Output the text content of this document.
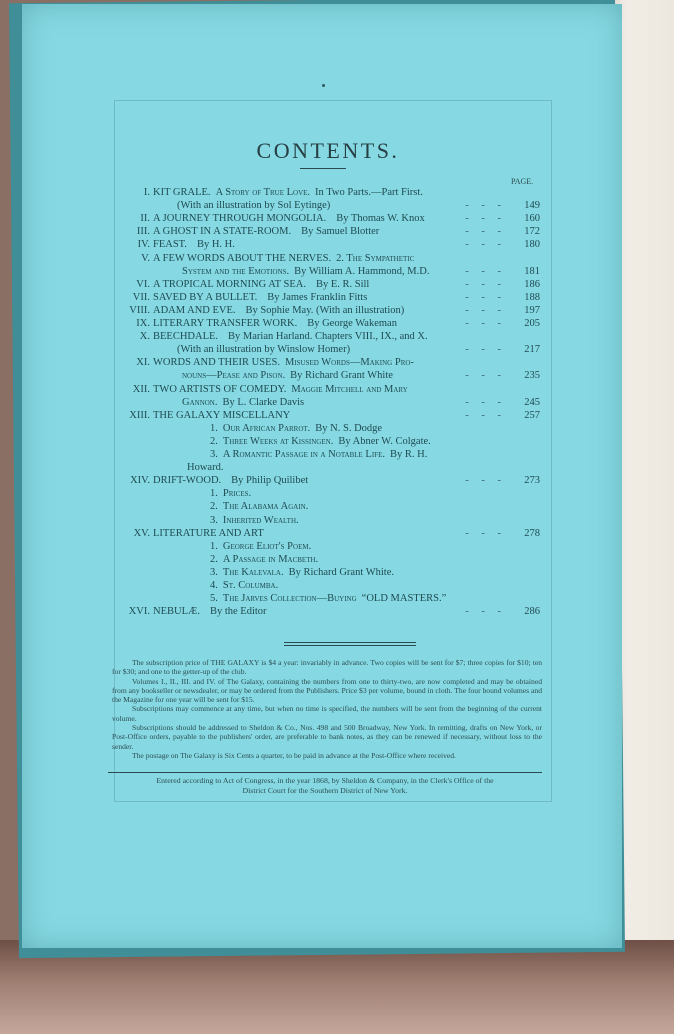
CONTENTS.
PAGE.
I. KIT GRALE. A Story of True Love. In Two Parts.—Part First.
(With an illustration by Sol Eytinge)	- - -	149
II. A JOURNEY THROUGH MONGOLIA. By Thomas W. Knox	- - -	160
III. A GHOST IN A STATE-ROOM. By Samuel Blotter	- - -	172
IV. FEAST. By H. H.	- - -	180
V. A FEW WORDS ABOUT THE NERVES. 2. The Sympathetic
System and the Emotions. By William A. Hammond, M.D.	- - -	181
VI. A TROPICAL MORNING AT SEA. By E. R. Sill	- - -	186
VII. SAVED BY A BULLET. By James Franklin Fitts	- - -	188
VIII. ADAM AND EVE. By Sophie May. (With an illustration)	- - -	197
IX. LITERARY TRANSFER WORK. By George Wakeman	- - -	205
X. BEECHDALE. By Marian Harland. Chapters VIII., IX., and X.
(With an illustration by Winslow Homer)	- - -	217
XI. WORDS AND THEIR USES. Misused Words—Making Pro-
nouns—Pease and Pison. By Richard Grant White	- - -	235
XII. TWO ARTISTS OF COMEDY. Maggie Mitchell and Mary
Gannon. By L. Clarke Davis	- - -	245
XIII. THE GALAXY MISCELLANY	- - -	257
1. Our African Parrot. By N. S. Dodge
2. Three Weeks at Kissingen. By Abner W. Colgate.
3. A Romantic Passage in a Notable Life. By R. H.
Howard.
XIV. DRIFT-WOOD. By Philip Quilibet	- - -	273
1. Prices.
2. The Alabama Again.
3. Inherited Wealth.
XV. LITERATURE AND ART	- - -	278
1. George Eliot's Poem.
2. A Passage in Macbeth.
3. The Kalevala. By Richard Grant White.
4. St. Columba.
5. The Jarves Collection—Buying “OLD MASTERS.”
XVI. NEBULÆ. By the Editor	- - -	286

The subscription price of THE GALAXY is $4 a year: invariably in advance. Two copies will be sent for $7; three copies for $10; ten for $30; and one to the getter-up of the club.

Volumes I., II., III. and IV. of The Galaxy, containing the numbers from one to thirty-two, are now completed and may be obtained from any bookseller or newsdealer, or may be ordered from the Publishers. Price $3 per volume, bound in cloth. The four bound volumes and the Magazine for one year will be sent for $15.

Subscriptions may commence at any time, but when no time is specified, the numbers will be sent from the beginning of the current volume.

Subscriptions should be addressed to Sheldon & Co., Nos. 498 and 500 Broadway, New York. In remitting, drafts on New York, or Post-Office orders, payable to the publishers' order, are preferable to bank notes, as they can be renewed if necessary, without loss to the sender.

The postage on The Galaxy is Six Cents a quarter, to be paid in advance at the Post-Office where received.

Entered according to Act of Congress, in the year 1868, by Sheldon & Company, in the Clerk's Office of the
District Court for the Southern District of New York.
